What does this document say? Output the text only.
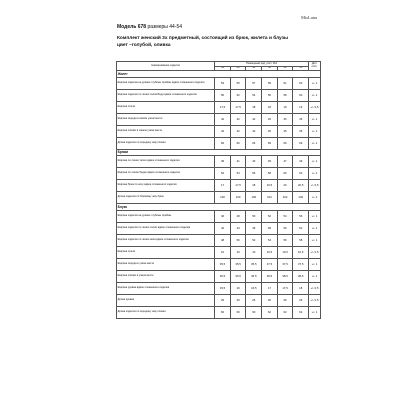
MisLana
Модель 678 размеры 44-54
Комплект женский 3х предметный, состоящий из брюк, жилета и блузы
цвет –голубой, оливка
Наименование изделия	Размерный ряд, рост 164						Доп. откл.
	44	46	48	50	52	54	
Жилет							
Ширина изделия на уровне глубины проймы вдвое сложенного изделия	53	55	57	59	61	63	+/- 1
Ширина изделия по линии талии/бедр вдвое сложенного изделия	50	52	54	56	58	60	+/- 1
Ширина плеча	17,5	17,5	18	18	19	19	+/- 0,5
Ширина переда в самом узком месте	42	42	42	45	45	45	+/- 1
Ширина спинки в самом узком месте	42	42	42	45	45	45	+/- 1
Длина изделия по середину шву спинки	66	66	66	69	69	69	+/- 1
Брюки							
Ширина по линии талии вдвое сложенного изделия	39	41	43	45	47	49	+/- 1
Ширина по линии бедер вдвое сложенного изделия	52	54	56	58	60	62	+/- 1
Ширина брюк по низу вдвое сложенного изделия	17	17,5	18	19,5	20	20,5	+/- 0,5
Длина изделия по боковому шву брюк	100	100	100	102	102	102	+/- 1
Блуза							
Ширина изделия на уровне глубины проймы	46	48	50	52	54	56	+/- 1
Ширина изделия по линии талии вдвое сложенного изделия	42	44	46	48	50	52	+/- 1
Ширина изделия по линии низа вдвое сложенного изделия	48	50	52	54	56	58	+/- 1
Ширина плеча	10	10	10	10,5	10,5	10,5	+/- 0,5
Ширина переда в узком месте	35,5	35,5	35,5	37,5	37,5	37,5	+/- 1
Ширина спинки в узком месте	36,5	36,5	36,5	38,5	38,5	38,5	+/- 1
Ширина рукава вдвое сложенного изделия	15,5	16	16,5	17	17,5	18	+/- 0,5
Длина рукава	25	25	25	26	26	26	+/- 0,5
Длина изделия по середину шву спинки	60	60	60	62	62	62	+/- 1
